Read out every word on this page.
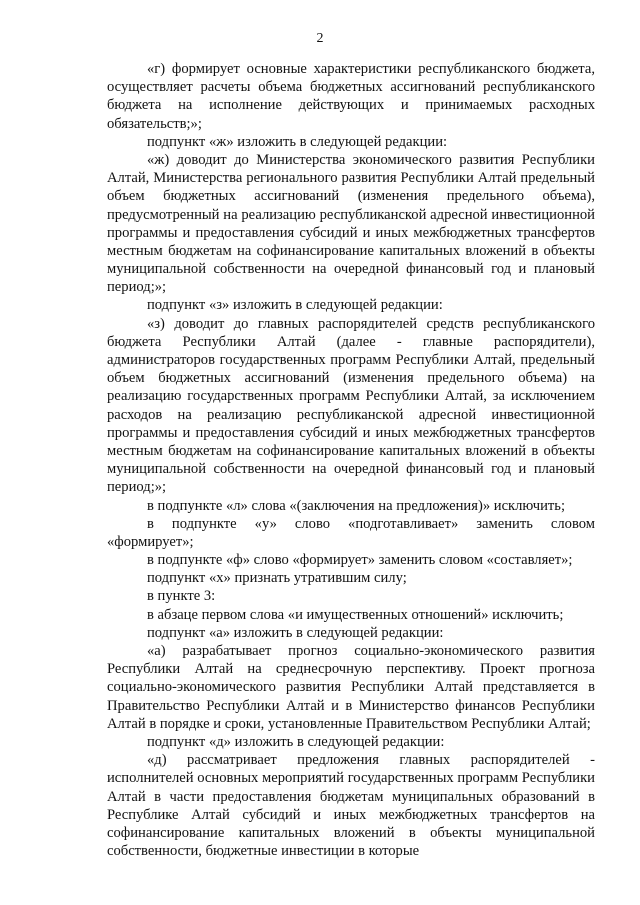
2

«г) формирует основные характеристики республиканского бюджета, осуществляет расчеты объема бюджетных ассигнований республиканского бюджета на исполнение действующих и принимаемых расходных обязательств;»;

подпункт «ж» изложить в следующей редакции:

«ж) доводит до Министерства экономического развития Республики Алтай, Министерства регионального развития Республики Алтай предельный объем бюджетных ассигнований (изменения предельного объема), предусмотренный на реализацию республиканской адресной инвестиционной программы и предоставления субсидий и иных межбюджетных трансфертов местным бюджетам на софинансирование капитальных вложений в объекты муниципальной собственности на очередной финансовый год и плановый период;»;

подпункт «з» изложить в следующей редакции:

«з) доводит до главных распорядителей средств республиканского бюджета Республики Алтай (далее - главные распорядители), администраторов государственных программ Республики Алтай, предельный объем бюджетных ассигнований (изменения предельного объема) на реализацию государственных программ Республики Алтай, за исключением расходов на реализацию республиканской адресной инвестиционной программы и предоставления субсидий и иных межбюджетных трансфертов местным бюджетам на софинансирование капитальных вложений в объекты муниципальной собственности на очередной финансовый год и плановый период;»;

в подпункте «л» слова «(заключения на предложения)» исключить;

в подпункте «у» слово «подготавливает» заменить словом «формирует»;

в подпункте «ф» слово «формирует» заменить словом «составляет»;

подпункт «х» признать утратившим силу;

в пункте 3:

в абзаце первом слова «и имущественных отношений» исключить;

подпункт «а» изложить в следующей редакции:

«а) разрабатывает прогноз социально-экономического развития Республики Алтай на среднесрочную перспективу. Проект прогноза социально-экономического развития Республики Алтай представляется в Правительство Республики Алтай и в Министерство финансов Республики Алтай в порядке и сроки, установленные Правительством Республики Алтай;

подпункт «д» изложить в следующей редакции:

«д) рассматривает предложения главных распорядителей - исполнителей основных мероприятий государственных программ Республики Алтай в части предоставления бюджетам муниципальных образований в Республике Алтай субсидий и иных межбюджетных трансфертов на софинансирование капитальных вложений в объекты муниципальной собственности, бюджетные инвестиции в которые
